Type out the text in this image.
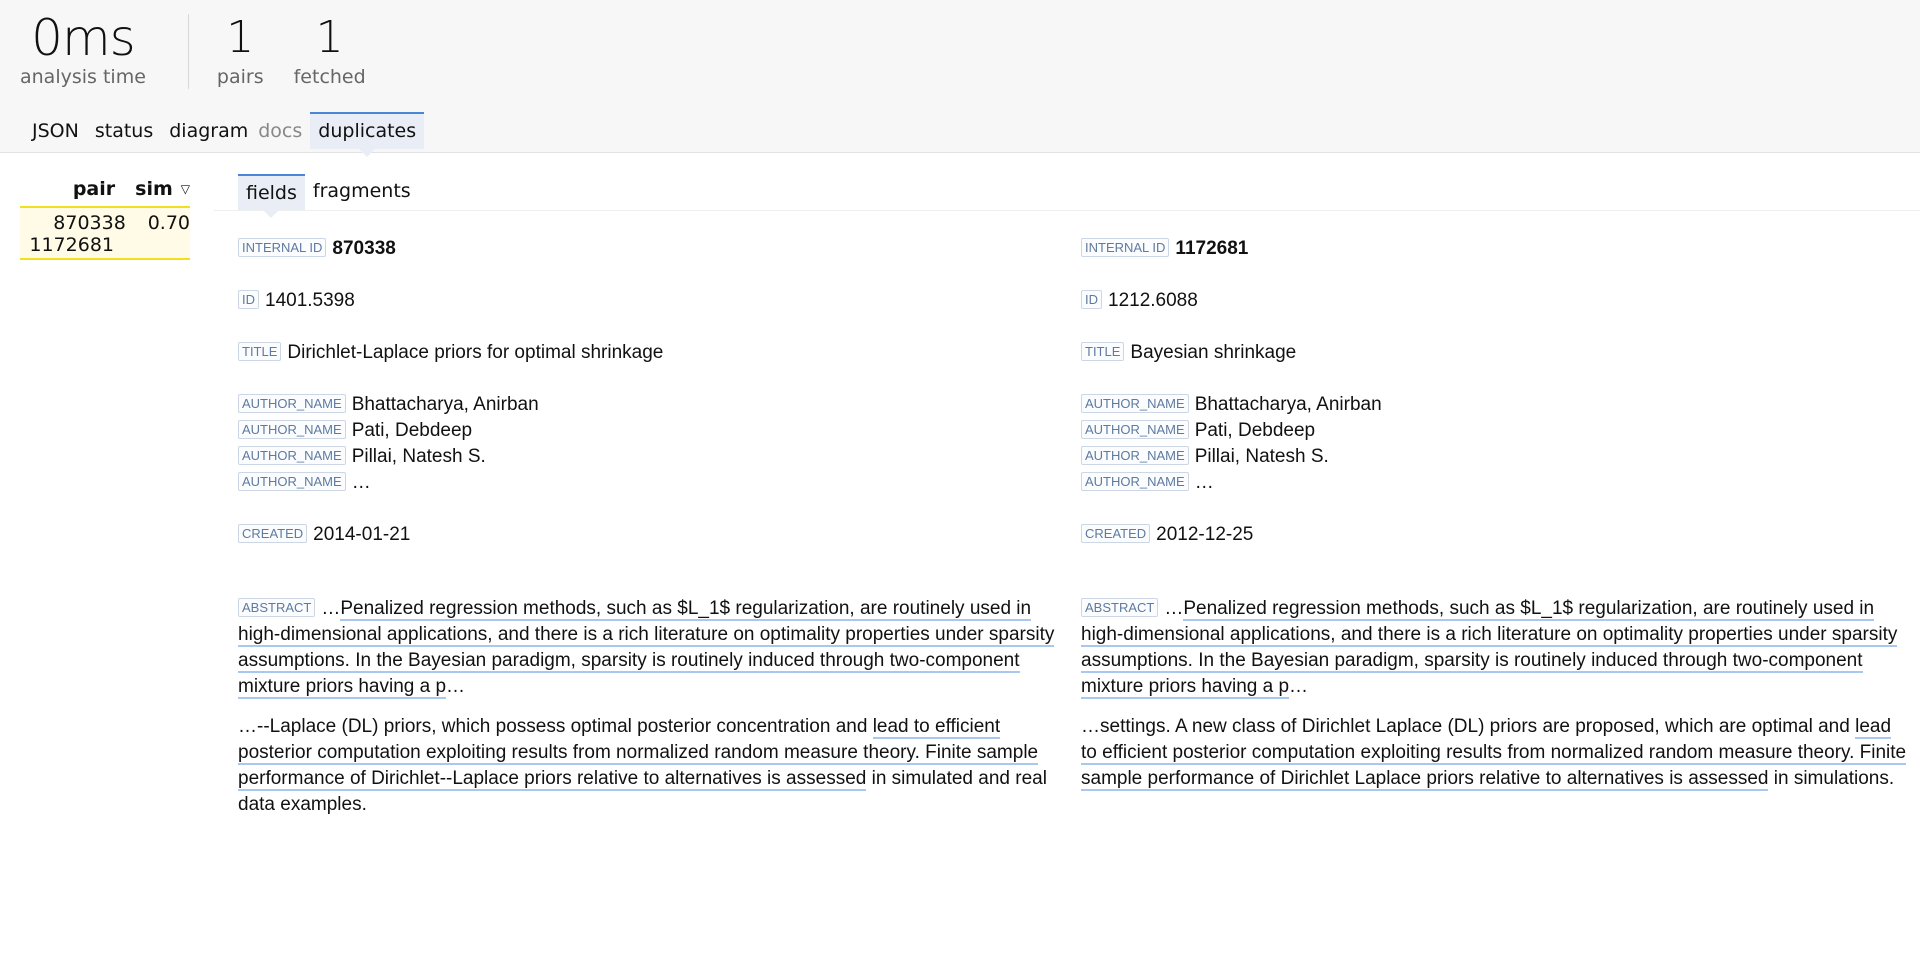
0ms
analysis time
1
pairs
1
fetched
JSON status diagram docs duplicates
pair sim ▽
870338	0.70
1172681
fields fragments
INTERNAL ID 870338
ID 1401.5398
TITLE Dirichlet-Laplace priors for optimal shrinkage
AUTHOR_NAME Bhattacharya, Anirban
AUTHOR_NAME Pati, Debdeep
AUTHOR_NAME Pillai, Natesh S.
AUTHOR_NAME …
CREATED 2014-01-21

ABSTRACT …Penalized regression methods, such as $L_1$ regularization, are routinely used in high-dimensional applications, and there is a rich literature on optimality properties under sparsity assumptions. In the Bayesian paradigm, sparsity is routinely induced through two-component mixture priors having a p…

…--Laplace (DL) priors, which possess optimal posterior concentration and lead to efficient posterior computation exploiting results from normalized random measure theory. Finite sample performance of Dirichlet--Laplace priors relative to alternatives is assessed in simulated and real data examples.

INTERNAL ID 1172681
ID 1212.6088
TITLE Bayesian shrinkage
AUTHOR_NAME Bhattacharya, Anirban
AUTHOR_NAME Pati, Debdeep
AUTHOR_NAME Pillai, Natesh S.
AUTHOR_NAME …
CREATED 2012-12-25

ABSTRACT …Penalized regression methods, such as $L_1$ regularization, are routinely used in high-dimensional applications, and there is a rich literature on optimality properties under sparsity assumptions. In the Bayesian paradigm, sparsity is routinely induced through two-component mixture priors having a p…

…settings. A new class of Dirichlet Laplace (DL) priors are proposed, which are optimal and lead to efficient posterior computation exploiting results from normalized random measure theory. Finite sample performance of Dirichlet Laplace priors relative to alternatives is assessed in simulations.
